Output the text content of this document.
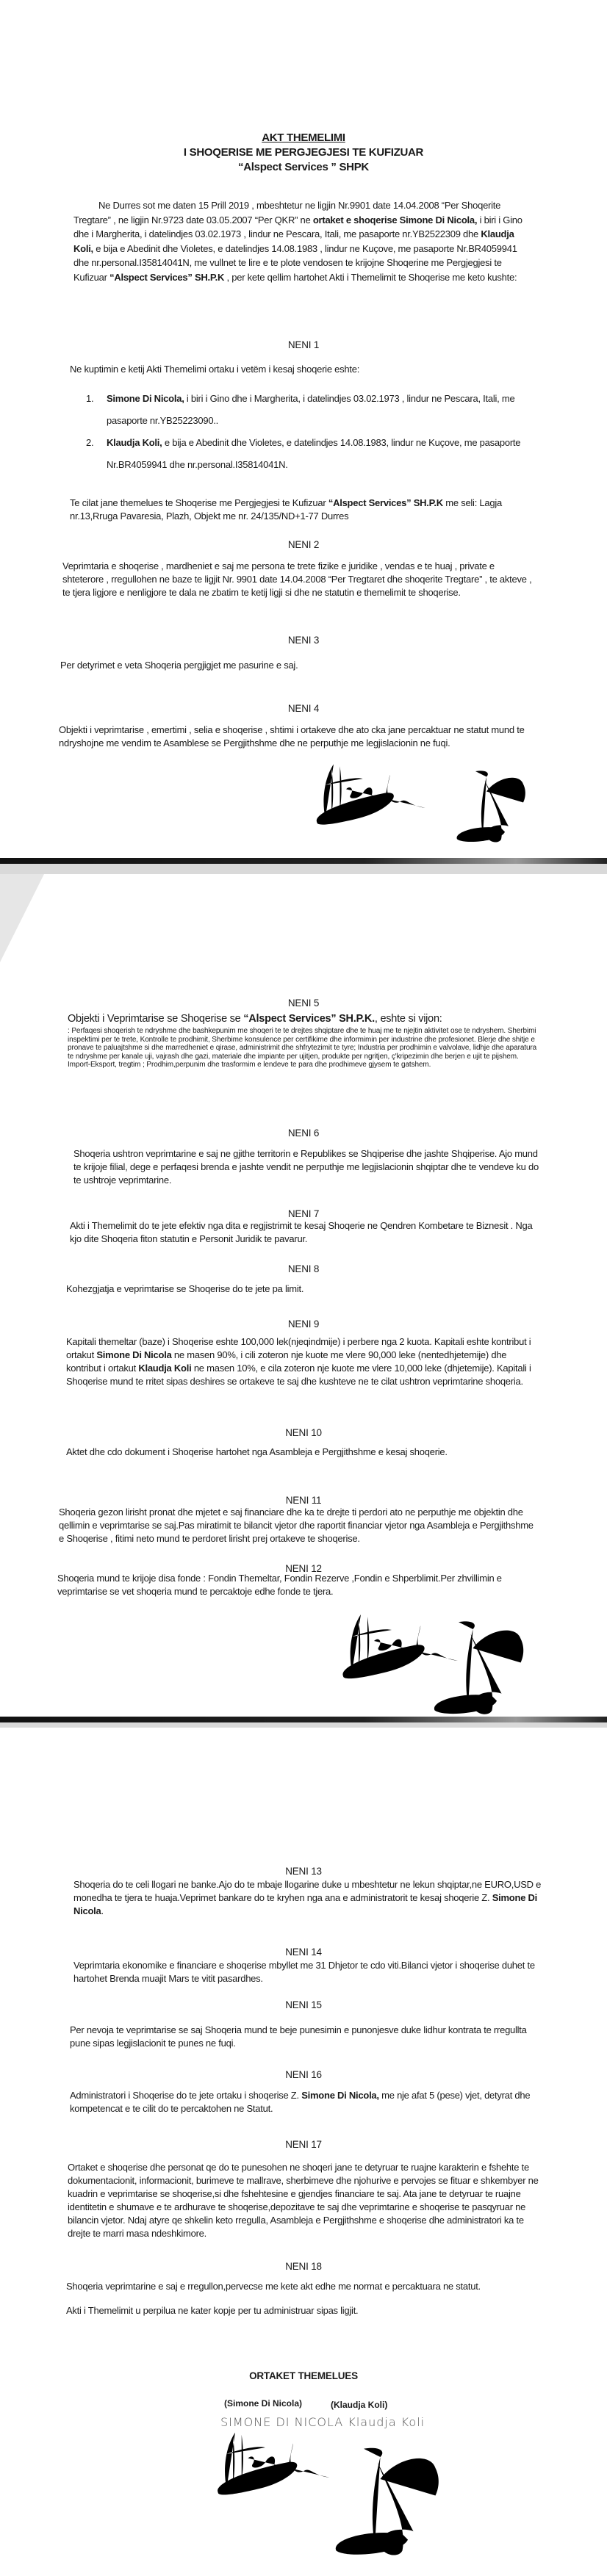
AKT THEMELIMI
I SHOQERISE ME PERGJEGJESI TE KUFIZUAR
“Alspect Services ” SHPK
Ne Durres sot me daten 15 Prill 2019 , mbeshtetur ne ligjin Nr.9901 date 14.04.2008 “Per Shoqerite Tregtare” , ne ligjin Nr.9723 date 03.05.2007 “Per QKR” ne ortaket e shoqerise Simone Di Nicola, i biri i Gino dhe i Margherita, i datelindjes 03.02.1973 , lindur ne Pescara, Itali, me pasaporte nr.YB2522309 dhe Klaudja Koli, e bija e Abedinit dhe Violetes, e datelindjes 14.08.1983 , lindur ne Kuçove, me pasaporte Nr.BR4059941 dhe nr.personal.I35814041N, me vullnet te lire e te plote vendosen te krijojne Shoqerine me Pergjegjesi te Kufizuar “Alspect Services” SH.P.K , per kete qellim hartohet Akti i Themelimit te Shoqerise me keto kushte:
NENI 1
Ne kuptimin e ketij Akti Themelimi ortaku i vetëm i kesaj shoqerie eshte:
1. Simone Di Nicola, i biri i Gino dhe i Margherita, i datelindjes 03.02.1973 , lindur ne Pescara, Itali, me pasaporte nr.YB25223090..
2. Klaudja Koli, e bija e Abedinit dhe Violetes, e datelindjes 14.08.1983, lindur ne Kuçove, me pasaporte Nr.BR4059941 dhe nr.personal.I35814041N.
Te cilat jane themelues te Shoqerise me Pergjegjesi te Kufizuar “Alspect Services” SH.P.K me seli: Lagja nr.13,Rruga Pavaresia, Plazh, Objekt me nr. 24/135/ND+1-77 Durres
NENI 2
Veprimtaria e shoqerise , mardheniet e saj me persona te trete fizike e juridike , vendas e te huaj , private e shteterore , rregullohen ne baze te ligjit Nr. 9901 date 14.04.2008 “Per Tregtaret dhe shoqerite Tregtare” , te akteve , te tjera ligjore e nenligjore te dala ne zbatim te ketij ligji si dhe ne statutin e themelimit te shoqerise.
NENI 3
Per detyrimet e veta Shoqeria pergjigjet me pasurine e saj.
NENI 4
Objekti i veprimtarise , emertimi , selia e shoqerise , shtimi i ortakeve dhe ato cka jane percaktuar ne statut mund te ndryshojne me vendim te Asamblese se Pergjithshme dhe ne perputhje me legjislacionin ne fuqi.
NENI 5
Objekti i Veprimtarise se Shoqerise se “Alspect Services” SH.P.K., eshte si vijon:
: Perfaqesi shoqerish te ndryshme dhe bashkepunim me shoqeri te te drejtes shqiptare dhe te huaj me te njejtin aktivitet ose te ndryshem. Sherbimi inspektimi per te trete, Kontrolle te prodhimit, Sherbime konsulence per certifikime dhe informimin per industrine dhe profesionet. Blerje dhe shitje e pronave te paluajtshme si dhe marredheniet e qirase, administrimit dhe shfrytezimit te tyre; Industria per prodhimin e valvolave, lidhje dhe aparatura te ndryshme per kanale uji, vajrash dhe gazi, materiale dhe impiante per ujitjen, produkte per ngritjen, ç'kripezimin dhe berjen e ujit te pijshem. Import-Eksport, tregtim ; Prodhim,perpunim dhe trasformim e lendeve te para dhe prodhimeve gjysem te gatshem.
NENI 6
Shoqeria ushtron veprimtarine e saj ne gjithe territorin e Republikes se Shqiperise dhe jashte Shqiperise. Ajo mund te krijoje filial, dege e perfaqesi brenda e jashte vendit ne perputhje me legjislacionin shqiptar dhe te vendeve ku do te ushtroje veprimtarine.
NENI 7
Akti i Themelimit do te jete efektiv nga dita e regjistrimit te kesaj Shoqerie ne Qendren Kombetare te Biznesit . Nga kjo dite Shoqeria fiton statutin e Personit Juridik te pavarur.
NENI 8
Kohezgjatja e veprimtarise se Shoqerise do te jete pa limit.
NENI 9
Kapitali themeltar (baze) i Shoqerise eshte 100,000 lek(njeqindmije) i perbere nga 2 kuota. Kapitali eshte kontribut i ortakut Simone Di Nicola ne masen 90%, i cili zoteron nje kuote me vlere 90,000 leke (nentedhjetemije) dhe kontribut i ortakut Klaudja Koli ne masen 10%, e cila zoteron nje kuote me vlere 10,000 leke (dhjetemije). Kapitali i Shoqerise mund te rritet sipas deshires se ortakeve te saj dhe kushteve ne te cilat ushtron veprimtarine shoqeria.
NENI 10
Aktet dhe cdo dokument i Shoqerise hartohet nga Asambleja e Pergjithshme e kesaj shoqerie.
NENI 11
Shoqeria gezon lirisht pronat dhe mjetet e saj financiare dhe ka te drejte ti perdori ato ne perputhje me objektin dhe qellimin e veprimtarise se saj.Pas miratimit te bilancit vjetor dhe raportit financiar vjetor nga Asambleja e Pergjithshme e Shoqerise , fitimi neto mund te perdoret lirisht prej ortakeve te shoqerise.
NENI 12
Shoqeria mund te krijoje disa fonde : Fondin Themeltar, Fondin Rezerve ,Fondin e Shperblimit.Per zhvillimin e veprimtarise se vet shoqeria mund te percaktoje edhe fonde te tjera.
ORTAKET THEMELUES
(Simone Di Nicola)	(Klaudja Koli)
SIMONE DI NICOLA Klaudja Koli
NENI 13
Shoqeria do te celi llogari ne banke.Ajo do te mbaje llogarine duke u mbeshtetur ne lekun shqiptar,ne EURO,USD e monedha te tjera te huaja.Veprimet bankare do te kryhen nga ana e administratorit te kesaj shoqerie Z. Simone Di Nicola.
NENI 14
Veprimtaria ekonomike e financiare e shoqerise mbyllet me 31 Dhjetor te cdo viti.Bilanci vjetor i shoqerise duhet te hartohet Brenda muajit Mars te vitit pasardhes.
NENI 15
Per nevoja te veprimtarise se saj Shoqeria mund te beje punesimin e punonjesve duke lidhur kontrata te rregullta pune sipas legjislacionit te punes ne fuqi.
NENI 16
Administratori i Shoqerise do te jete ortaku i shoqerise Z. Simone Di Nicola, me nje afat 5 (pese) vjet, detyrat dhe kompetencat e te cilit do te percaktohen ne Statut.
NENI 17
Ortaket e shoqerise dhe personat qe do te punesohen ne shoqeri jane te detyruar te ruajne karakterin e fshehte te dokumentacionit, informacionit, burimeve te mallrave, sherbimeve dhe njohurive e pervojes se fituar e shkembyer ne kuadrin e veprimtarise se shoqerise,si dhe fshehtesine e gjendjes financiare te saj. Ata jane te detyruar te ruajne identitetin e shumave e te ardhurave te shoqerise,depozitave te saj dhe veprimtarine e shoqerise te pasqyruar ne bilancin vjetor. Ndaj atyre qe shkelin keto rregulla, Asambleja e Pergjithshme e shoqerise dhe administratori ka te drejte te marri masa ndeshkimore.
NENI 18
Shoqeria veprimtarine e saj e rregullon,pervecse me kete akt edhe me normat e percaktuara ne statut.
Akti i Themelimit u perpilua ne kater kopje per tu administruar sipas ligjit.
